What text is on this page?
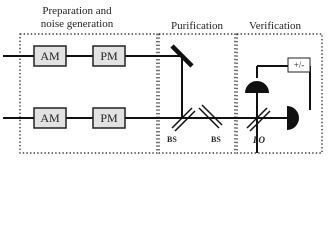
Preparation and
noise generation	Purification Verification
AM	PM
AM	PM
BS	BS	LO
+/-
